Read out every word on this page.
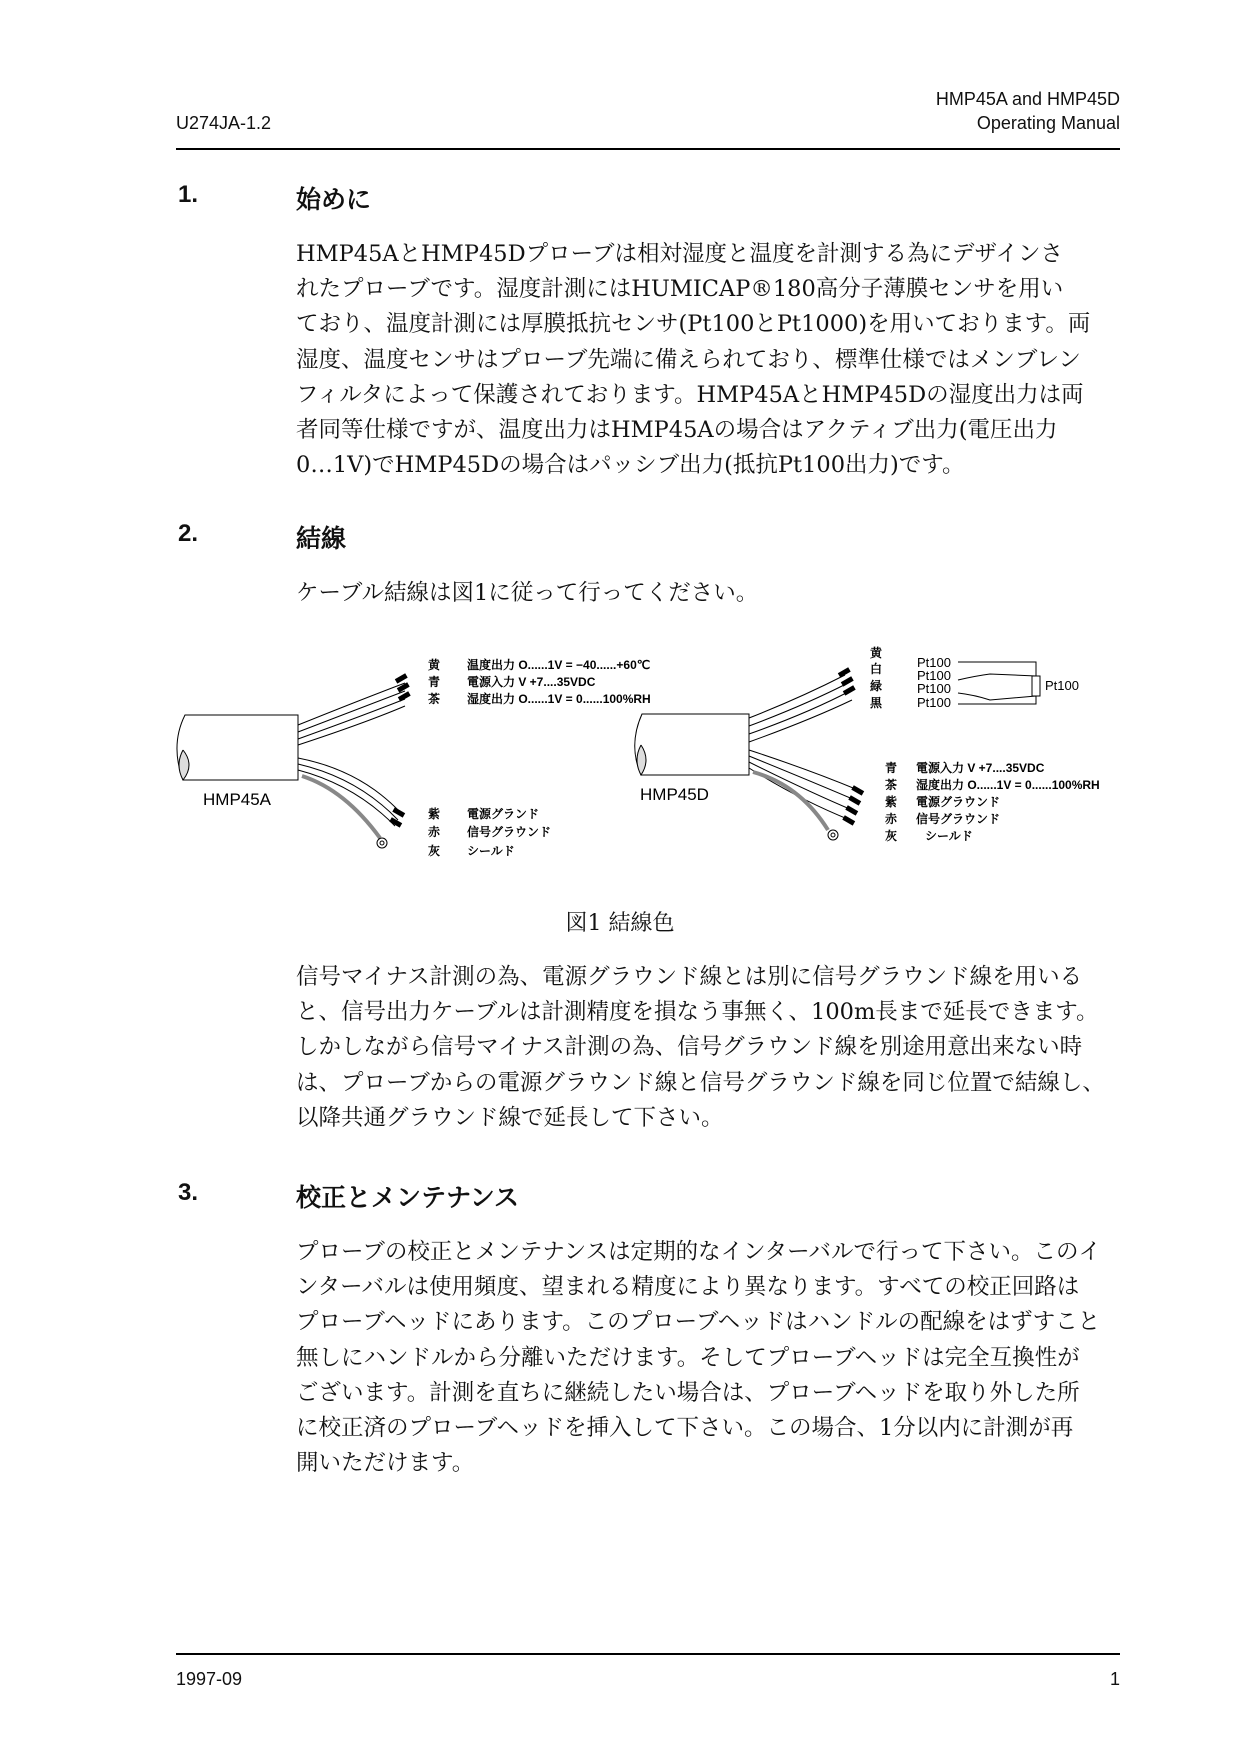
U274JA-1.2
HMP45A and HMP45D
Operating Manual
1.	始めに
HMP45AとHMP45Dプローブは相対湿度と温度を計測する為にデザインさ
れたプローブです。湿度計測にはHUMICAP®180高分子薄膜センサを用い
ており、温度計測には厚膜抵抗センサ(Pt100とPt1000)を用いております。両
湿度、温度センサはプローブ先端に備えられており、標準仕様ではメンブレン
フィルタによって保護されております。HMP45AとHMP45Dの湿度出力は両
者同等仕様ですが、温度出力はHMP45Aの場合はアクティブ出力(電圧出力
0…1V)でHMP45Dの場合はパッシブ出力(抵抗Pt100出力)です。
2.	結線
ケーブル結線は図1に従って行ってください。
HMP45A	HMP45D
黄 温度出力 O......1V = −40......+60℃
青 電源入力 V +7....35VDC
茶 湿度出力 O......1V = 0......100%RH
紫 電源グランド
赤 信号グラウンド
灰 シールド
黄
白
緑
黒
青 電源入力 V +7....35VDC
茶 湿度出力 O......1V = 0......100%RH
紫 電源グラウンド
赤 信号グラウンド
灰 シールド
Pt100
Pt100
Pt100
Pt100
Pt100
図1 結線色
信号マイナス計測の為、電源グラウンド線とは別に信号グラウンド線を用いる
と、信号出力ケーブルは計測精度を損なう事無く、100m長まで延長できます。
しかしながら信号マイナス計測の為、信号グラウンド線を別途用意出来ない時
は、プローブからの電源グラウンド線と信号グラウンド線を同じ位置で結線し、
以降共通グラウンド線で延長して下さい。
3.	校正とメンテナンス
プローブの校正とメンテナンスは定期的なインターバルで行って下さい。このイ
ンターバルは使用頻度、望まれる精度により異なります。すべての校正回路は
プローブヘッドにあります。このプローブヘッドはハンドルの配線をはずすこと
無しにハンドルから分離いただけます。そしてプローブヘッドは完全互換性が
ございます。計測を直ちに継続したい場合は、プローブヘッドを取り外した所
に校正済のプローブヘッドを挿入して下さい。この場合、1分以内に計測が再
開いただけます。
1997-09	1
